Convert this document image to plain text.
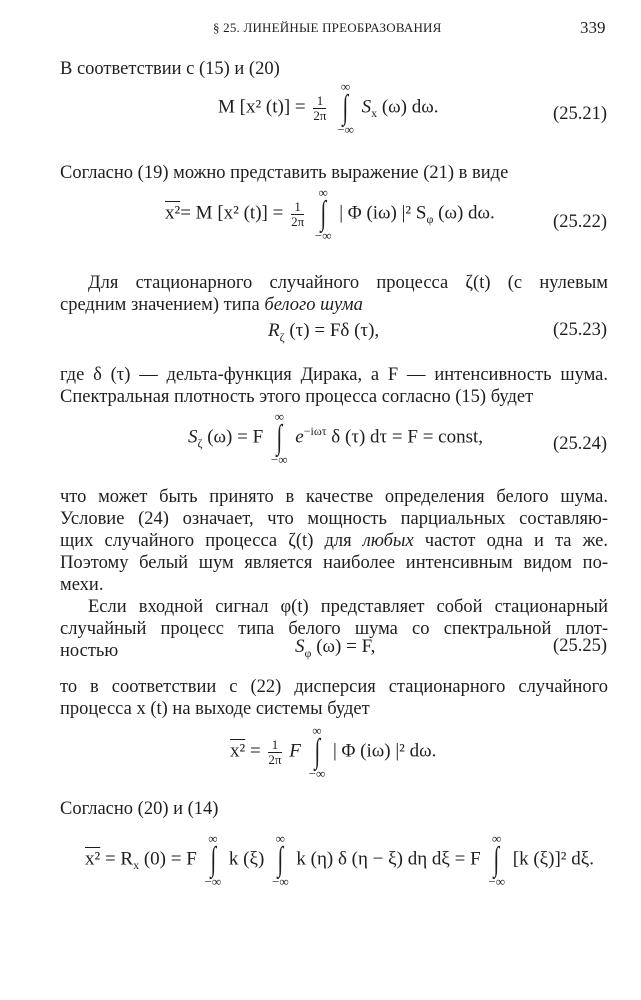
§ 25. ЛИНЕЙНЫЕ ПРЕОБРАЗОВАНИЯ	339
В соответствии с (15) и (20)
M [x² $(t)] = \frac{1}{2\pi}$

∞
∫
−∞
$S_x$ (ω) dω.	(25.21)
Согласно (19) можно представить выражение (21) в виде
x²= M [x² $(t)] = \frac{1}{2\pi}$

∞
∫
−∞
| Φ (iω) |² $S_\varphi$ (ω) dω.	(25.22)
Для стационарного случайного процесса ζ(t) (с нулевым
средним значением) типа белого шума
$R_\zeta$ (τ) = Fδ (τ),	(25.23)
где δ (τ) — дельта-функция Дирака, а F — интенсивность шума.
Спектральная плотность этого процесса согласно (15) будет
$S_\zeta$ (ω) = F
∞
∫
−∞
$e^{-i\omega\tau}$ δ (τ) dτ = F = const,	(25.24)
что может быть принято в качестве определения белого шума.
Условие (24) означает, что мощность парциальных составляю-
щих случайного процесса ζ(t) для любых частот одна и та же.
Поэтому белый шум является наиболее интенсивным видом по-
мехи.
Если входной сигнал φ(t) представляет собой стационарный
случайный процесс типа белого шума со спектральной плот-
ностью	$S_\varphi$ (ω) = F,	(25.25)
то в соответствии с (22) дисперсия стационарного случайного
процесса x (t) на выходе системы будет
$x^2 = \frac{1}{2\pi}$ F
∞
∫
−∞
| Φ (iω) |² dω.
Согласно (20) и (14)
$x^2 = R_x$ (0) = F
∞
∫
−∞
k (ξ)
∞
∫
−∞
k (η) δ (η − ξ) dη dξ = F
∞
∫
−∞
[k (ξ)]² dξ.
